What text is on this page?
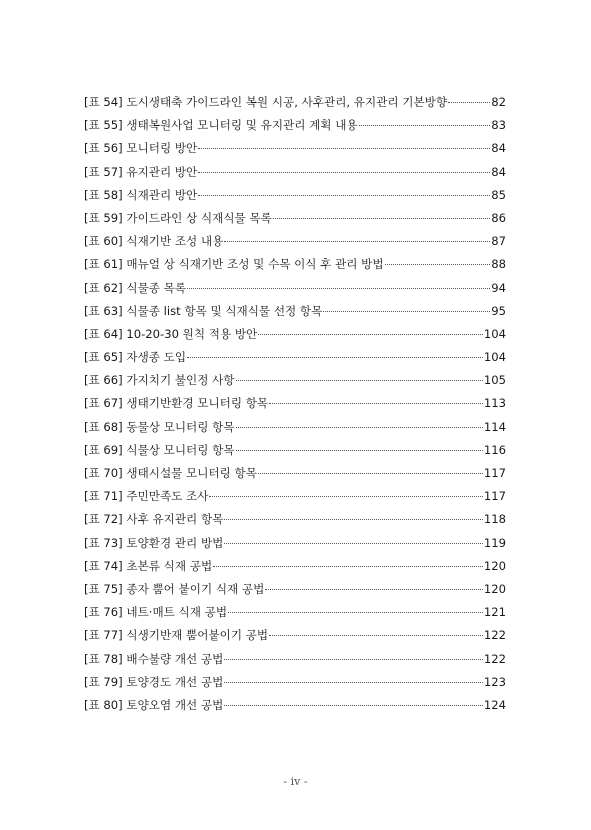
[표 54] 도시생태축 가이드라인 복원 시공, 사후관리, 유지관리 기본방향	82
[표 55] 생태복원사업 모니터링 및 유지관리 계획 내용	83
[표 56] 모니터링 방안	84
[표 57] 유지관리 방안	84
[표 58] 식재관리 방안	85
[표 59] 가이드라인 상 식재식물 목록	86
[표 60] 식재기반 조성 내용	87
[표 61] 매뉴얼 상 식재기반 조성 및 수목 이식 후 관리 방법	88
[표 62] 식물종 목록	94
[표 63] 식물종 list 항목 및 식재식물 선정 항목	95
[표 64] 10-20-30 원칙 적용 방안	104
[표 65] 자생종 도입	104
[표 66] 가지치기 불인정 사항	105
[표 67] 생태기반환경 모니터링 항목	113
[표 68] 동물상 모니터링 항목	114
[표 69] 식물상 모니터링 항목	116
[표 70] 생태시설물 모니터링 항목	117
[표 71] 주민만족도 조사	117
[표 72] 사후 유지관리 항목	118
[표 73] 토양환경 관리 방법	119
[표 74] 초본류 식재 공법	120
[표 75] 종자 뿜어 붙이기 식재 공법	120
[표 76] 네트·매트 식재 공법	121
[표 77] 식생기반재 뿜어붙이기 공법	122
[표 78] 배수불량 개선 공법	122
[표 79] 토양경도 개선 공법	123
[표 80] 토양오염 개선 공법	124
- iv -
